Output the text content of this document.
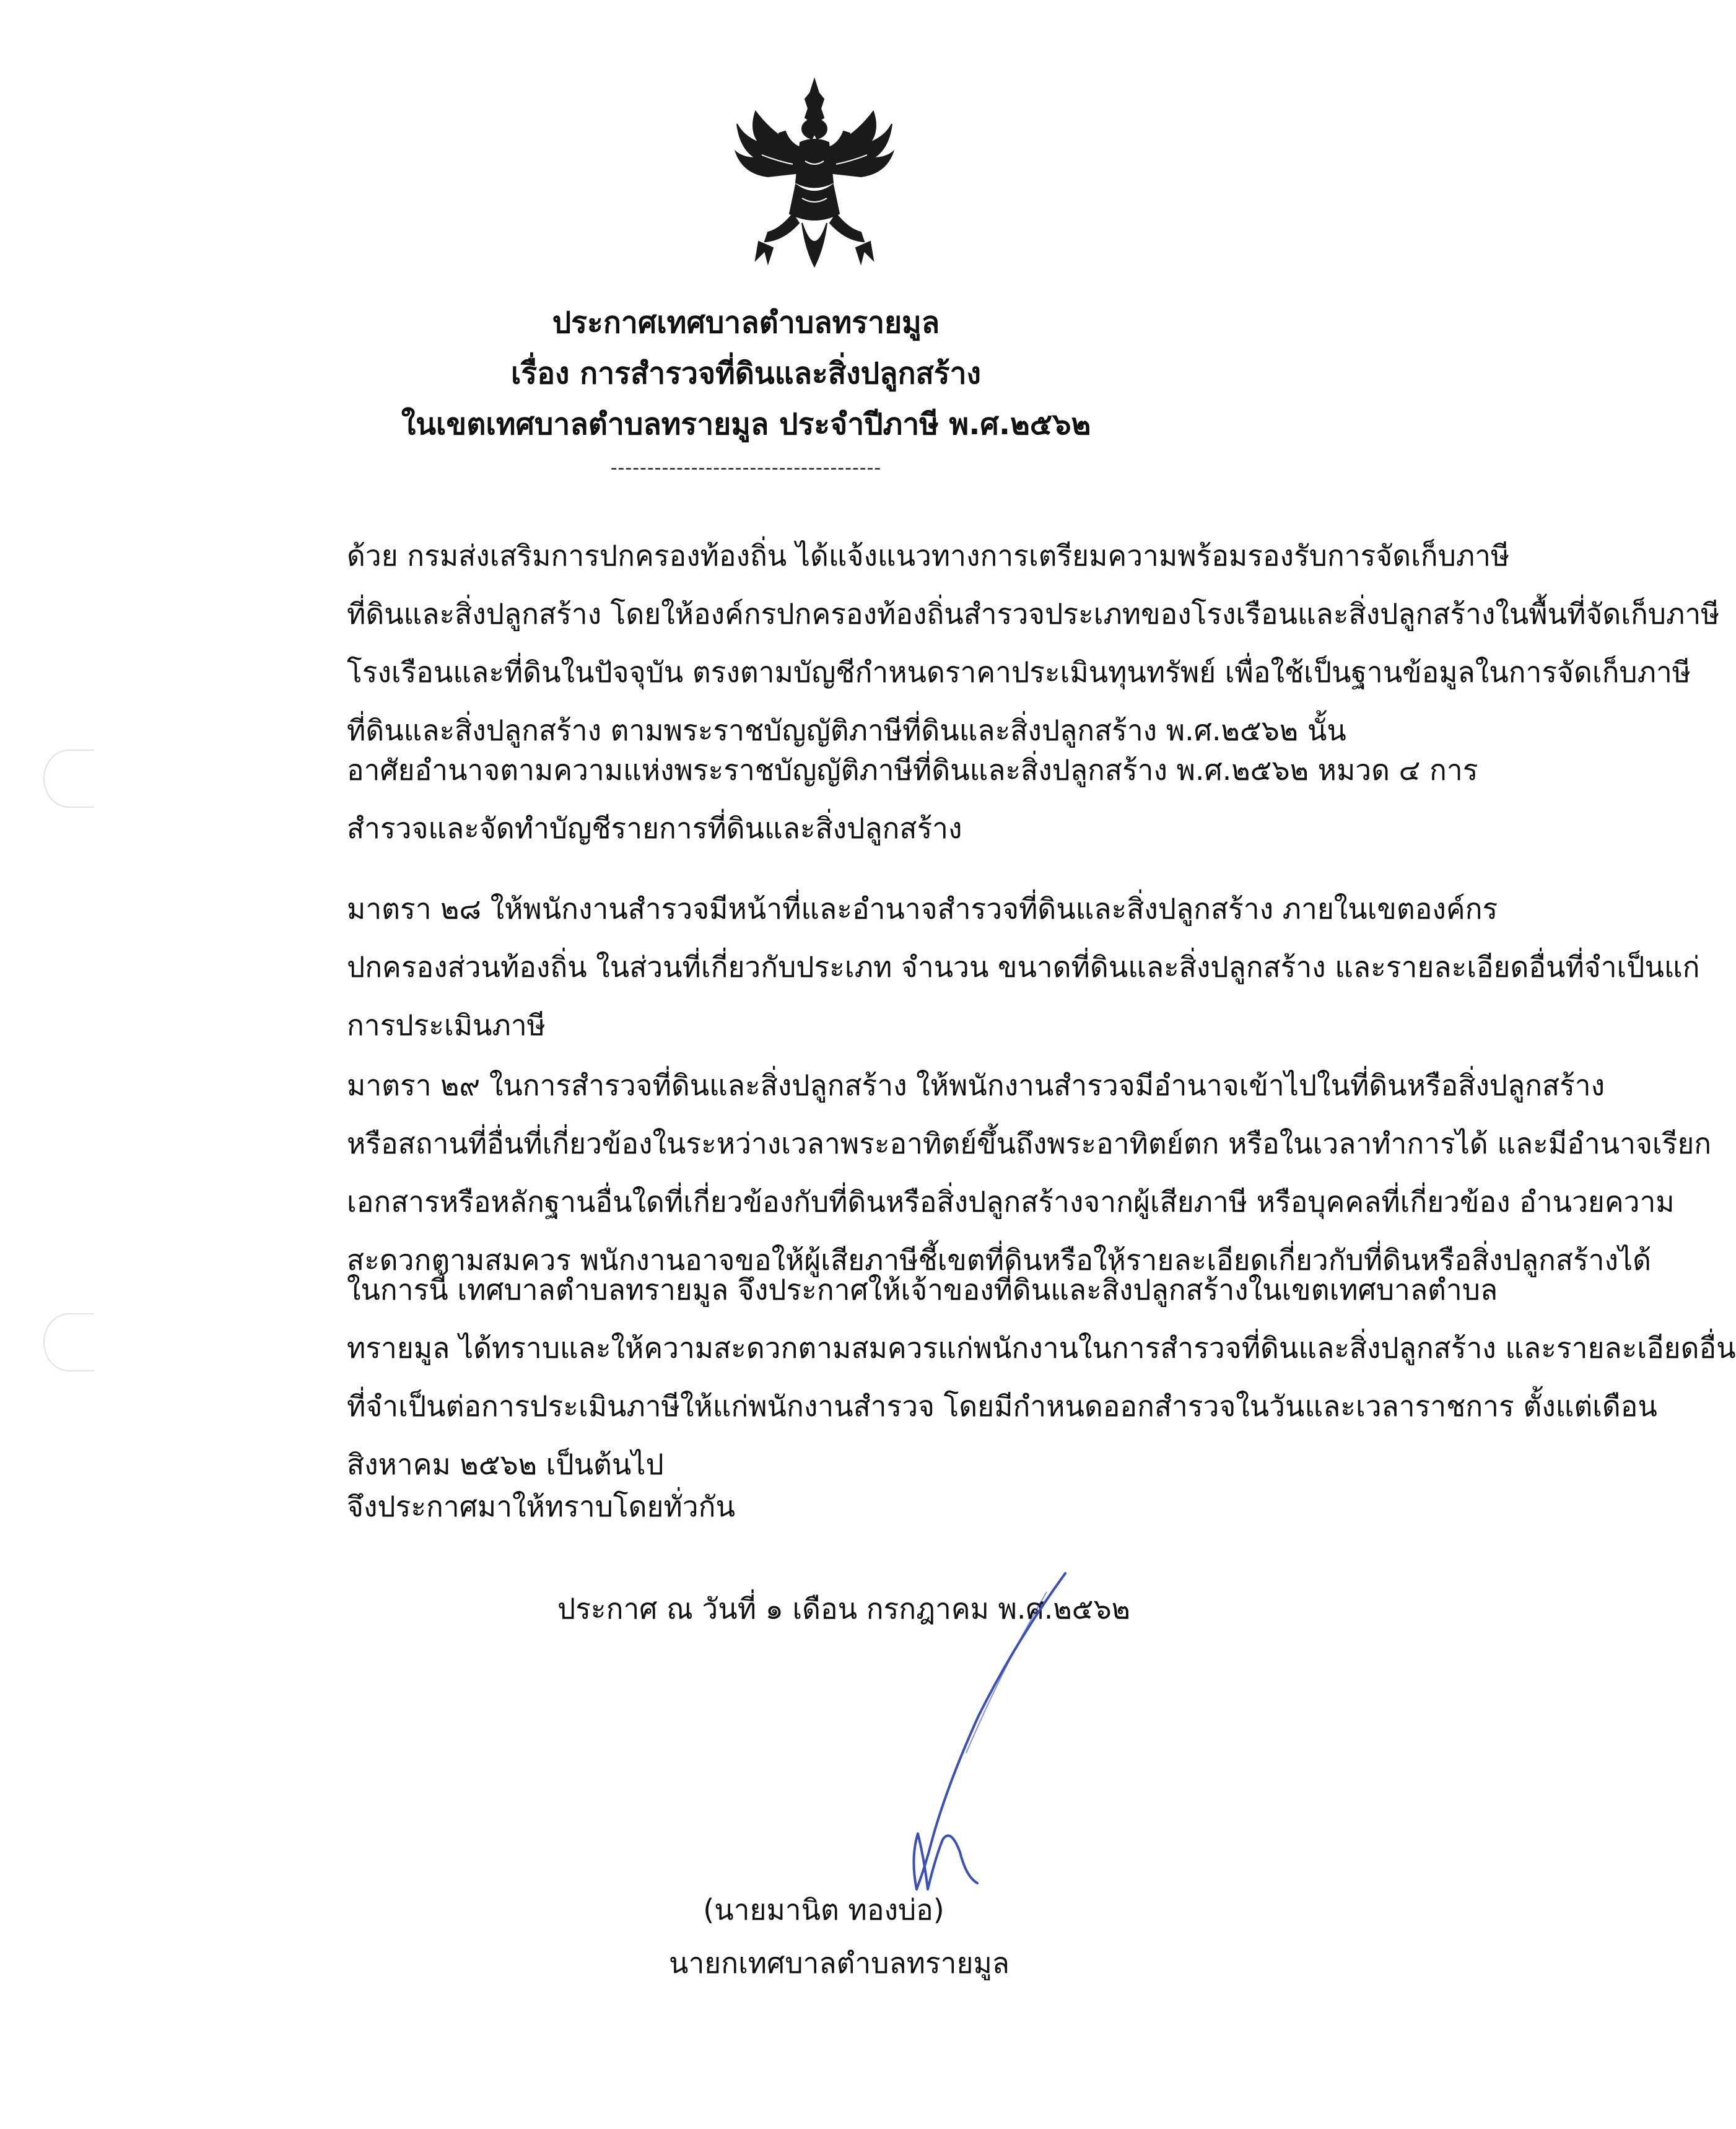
ประกาศเทศบาลตำบลทรายมูล
เรื่อง การสำรวจที่ดินและสิ่งปลูกสร้าง
ในเขตเทศบาลตำบลทรายมูล ประจำปีภาษี พ.ศ.๒๕๖๒
-------------------------------------
ด้วย กรมส่งเสริมการปกครองท้องถิ่น ได้แจ้งแนวทางการเตรียมความพร้อมรองรับการจัดเก็บภาษี
ที่ดินและสิ่งปลูกสร้าง โดยให้องค์กรปกครองท้องถิ่นสำรวจประเภทของโรงเรือนและสิ่งปลูกสร้างในพื้นที่จัดเก็บภาษี
โรงเรือนและที่ดินในปัจจุบัน ตรงตามบัญชีกำหนดราคาประเมินทุนทรัพย์ เพื่อใช้เป็นฐานข้อมูลในการจัดเก็บภาษี
ที่ดินและสิ่งปลูกสร้าง ตามพระราชบัญญัติภาษีที่ดินและสิ่งปลูกสร้าง พ.ศ.๒๕๖๒ นั้น
อาศัยอำนาจตามความแห่งพระราชบัญญัติภาษีที่ดินและสิ่งปลูกสร้าง พ.ศ.๒๕๖๒ หมวด ๔ การ
สำรวจและจัดทำบัญชีรายการที่ดินและสิ่งปลูกสร้าง
มาตรา ๒๘ ให้พนักงานสำรวจมีหน้าที่และอำนาจสำรวจที่ดินและสิ่งปลูกสร้าง ภายในเขตองค์กร
ปกครองส่วนท้องถิ่น ในส่วนที่เกี่ยวกับประเภท จำนวน ขนาดที่ดินและสิ่งปลูกสร้าง และรายละเอียดอื่นที่จำเป็นแก่
การประเมินภาษี
มาตรา ๒๙ ในการสำรวจที่ดินและสิ่งปลูกสร้าง ให้พนักงานสำรวจมีอำนาจเข้าไปในที่ดินหรือสิ่งปลูกสร้าง
หรือสถานที่อื่นที่เกี่ยวข้องในระหว่างเวลาพระอาทิตย์ขึ้นถึงพระอาทิตย์ตก หรือในเวลาทำการได้ และมีอำนาจเรียก
เอกสารหรือหลักฐานอื่นใดที่เกี่ยวข้องกับที่ดินหรือสิ่งปลูกสร้างจากผู้เสียภาษี หรือบุคคลที่เกี่ยวข้อง อำนวยความ
สะดวกตามสมควร พนักงานอาจขอให้ผู้เสียภาษีชี้เขตที่ดินหรือให้รายละเอียดเกี่ยวกับที่ดินหรือสิ่งปลูกสร้างได้
ในการนี้ เทศบาลตำบลทรายมูล จึงประกาศให้เจ้าของที่ดินและสิ่งปลูกสร้างในเขตเทศบาลตำบล
ทรายมูล ได้ทราบและให้ความสะดวกตามสมควรแก่พนักงานในการสำรวจที่ดินและสิ่งปลูกสร้าง และรายละเอียดอื่น
ที่จำเป็นต่อการประเมินภาษีให้แก่พนักงานสำรวจ โดยมีกำหนดออกสำรวจในวันและเวลาราชการ ตั้งแต่เดือน
สิงหาคม ๒๕๖๒ เป็นต้นไป
จึงประกาศมาให้ทราบโดยทั่วกัน
ประกาศ ณ วันที่ ๑ เดือน กรกฎาคม พ.ศ.๒๕๖๒
(นายมานิต ทองบ่อ)
นายกเทศบาลตำบลทรายมูล
